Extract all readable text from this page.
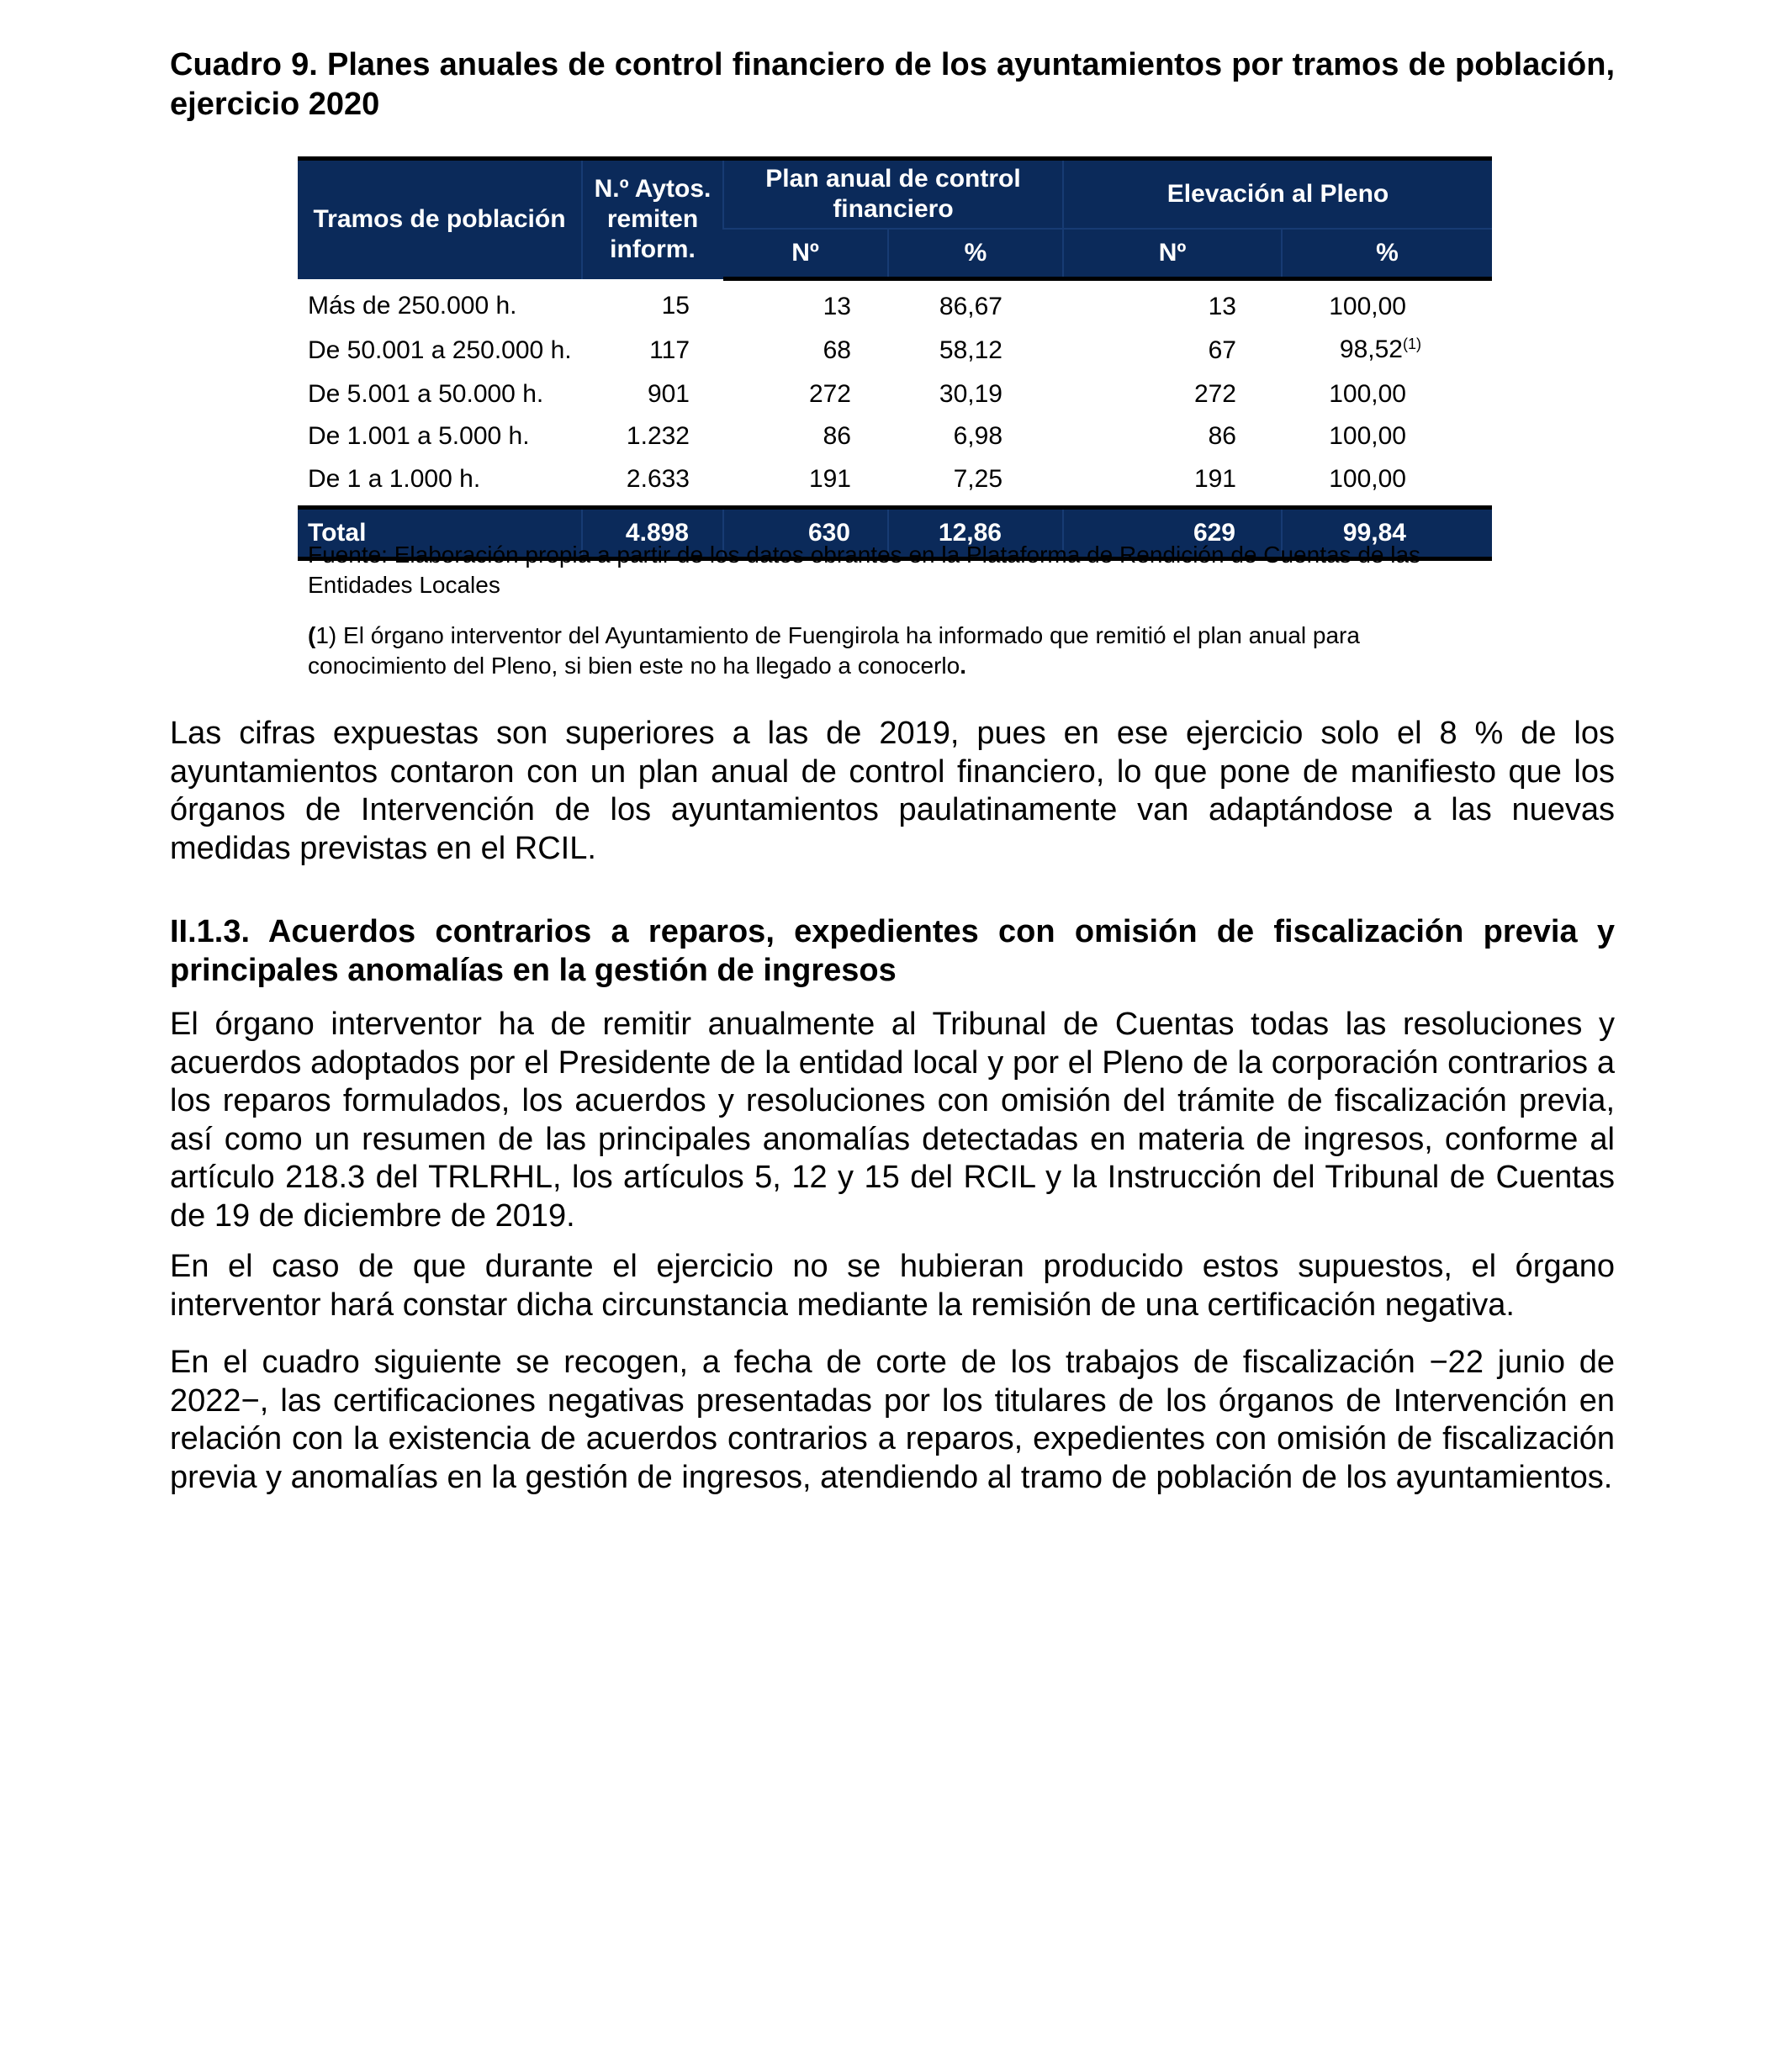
Cuadro 9. Planes anuales de control financiero de los ayuntamientos por tramos de población, ejercicio 2020
Tramos de población	N.º Aytos. remiten inform.	Plan anual de control financiero		Elevación al Pleno	
		Nº	%	Nº	%
Más de 250.000 h.	15	13	86,67	13	100,00
De 50.001 a 250.000 h.	117	68	58,12	67	98,52$^{(1)}$
De 5.001 a 50.000 h.	901	272	30,19	272	100,00
De 1.001 a 5.000 h.	1.232	86	6,98	86	100,00
De 1 a 1.000 h.	2.633	191	7,25	191	100,00
Total	4.898	630	12,86	629	99,84
Fuente: Elaboración propia a partir de los datos obrantes en la Plataforma de Rendición de Cuentas de las Entidades Locales
(1) El órgano interventor del Ayuntamiento de Fuengirola ha informado que remitió el plan anual para conocimiento del Pleno, si bien este no ha llegado a conocerlo.
Las cifras expuestas son superiores a las de 2019, pues en ese ejercicio solo el 8 % de los ayuntamientos contaron con un plan anual de control financiero, lo que pone de manifiesto que los órganos de Intervención de los ayuntamientos paulatinamente van adaptándose a las nuevas medidas previstas en el RCIL.
II.1.3. Acuerdos contrarios a reparos, expedientes con omisión de fiscalización previa y principales anomalías en la gestión de ingresos
El órgano interventor ha de remitir anualmente al Tribunal de Cuentas todas las resoluciones y acuerdos adoptados por el Presidente de la entidad local y por el Pleno de la corporación contrarios a los reparos formulados, los acuerdos y resoluciones con omisión del trámite de fiscalización previa, así como un resumen de las principales anomalías detectadas en materia de ingresos, conforme al artículo 218.3 del TRLRHL, los artículos 5, 12 y 15 del RCIL y la Instrucción del Tribunal de Cuentas de 19 de diciembre de 2019.
En el caso de que durante el ejercicio no se hubieran producido estos supuestos, el órgano interventor hará constar dicha circunstancia mediante la remisión de una certificación negativa.
En el cuadro siguiente se recogen, a fecha de corte de los trabajos de fiscalización −22 junio de 2022−, las certificaciones negativas presentadas por los titulares de los órganos de Intervención en relación con la existencia de acuerdos contrarios a reparos, expedientes con omisión de fiscalización previa y anomalías en la gestión de ingresos, atendiendo al tramo de población de los ayuntamientos.
